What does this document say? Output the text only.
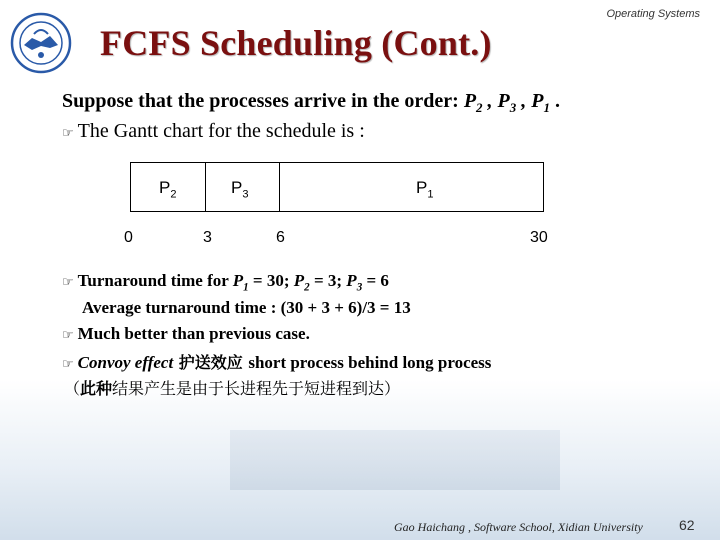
Operating Systems
FCFS Scheduling (Cont.)
Suppose that the processes arrive in the order: $P_2$ , $P_3$ , $P_1$ .
☞ The Gantt chart for the schedule is :
$P_2$	$P_3$	$P_1$
0	3	6	30
☞ Turnaround time for $P_1 = 30$; $P_2 = 3$; $P_3 = 6$
Average turnaround time : (30 + 3 + 6)/3 = 13
☞ Much better than previous case.
☞ Convoy effect 护送效应 short process behind long process
（此种结果产生是由于长进程先于短进程到达）
Gao Haichang , Software School, Xidian University	62
